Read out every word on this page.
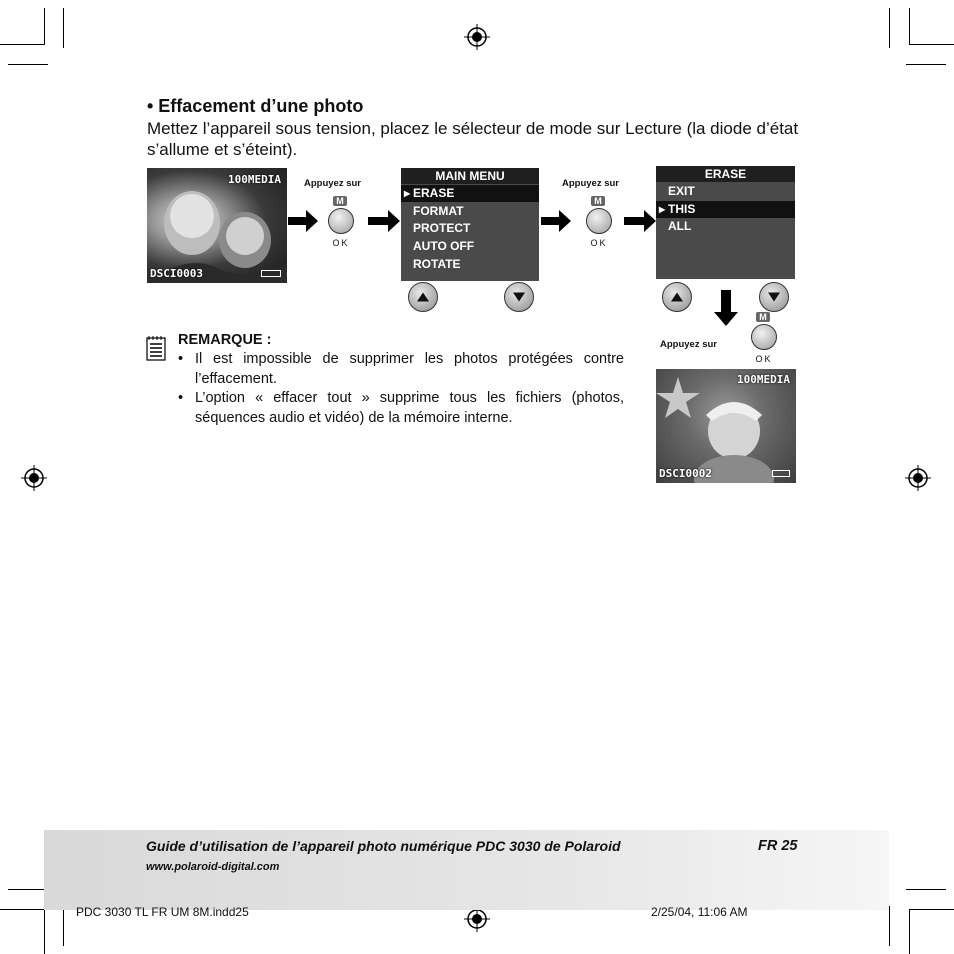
• Effacement d’une photo
Mettez l’appareil sous tension, placez le sélecteur de mode sur Lecture (la diode d’état s’allume et s’éteint).
100MEDIA
DSCI0003
Appuyez sur
M
OK
MAIN MENU
▶ ERASE
FORMAT
PROTECT
AUTO OFF
ROTATE
Appuyez sur
M
OK
ERASE
EXIT
▶ THIS
ALL
Appuyez sur
M
OK
100MEDIA
DSCI0002
REMARQUE :
• Il est impossible de supprimer les photos protégées contre l’effacement.
• L’option « effacer tout » supprime tous les fichiers (photos, séquences audio et vidéo) de la mémoire interne.
Guide d’utilisation de l’appareil photo numérique PDC 3030 de Polaroid	FR 25
www.polaroid-digital.com
PDC 3030 TL FR UM 8M.indd25	2/25/04, 11:06 AM
